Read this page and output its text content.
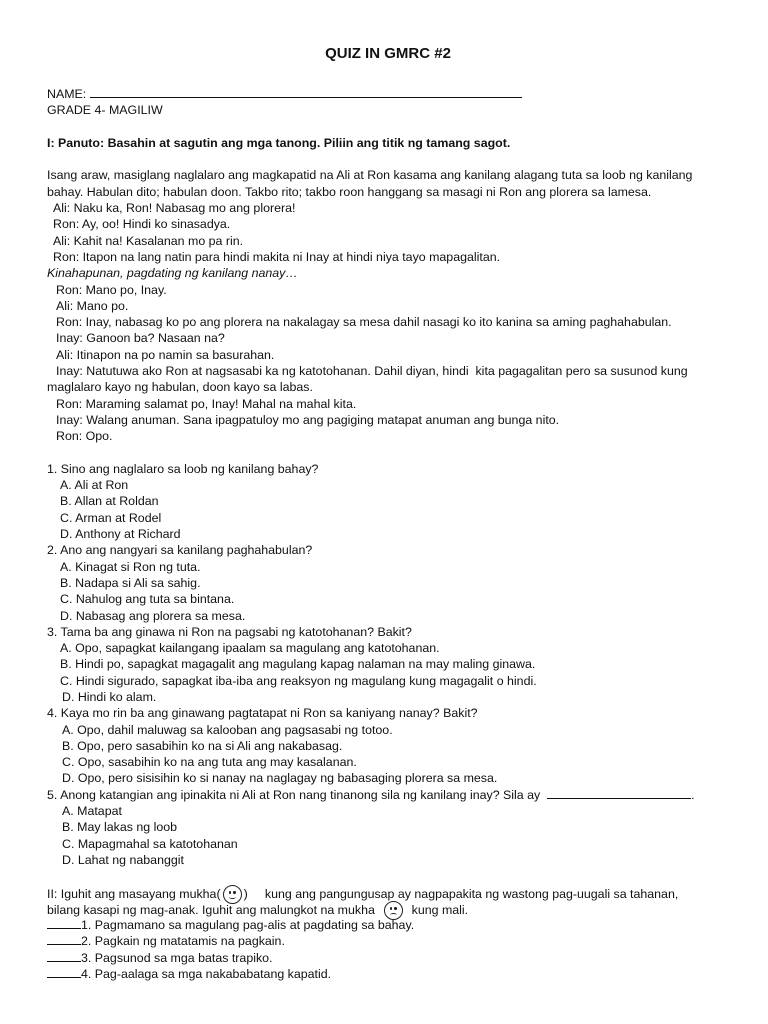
QUIZ IN GMRC #2
NAME:
GRADE 4- MAGILIW
I: Panuto: Basahin at sagutin ang mga tanong. Piliin ang titik ng tamang sagot.
Isang araw, masiglang naglalaro ang magkapatid na Ali at Ron kasama ang kanilang alagang tuta sa loob ng kanilang
bahay. Habulan dito; habulan doon. Takbo rito; takbo roon hanggang sa masagi ni Ron ang plorera sa lamesa.
Ali: Naku ka, Ron! Nabasag mo ang plorera!
Ron: Ay, oo! Hindi ko sinasadya.
Ali: Kahit na! Kasalanan mo pa rin.
Ron: Itapon na lang natin para hindi makita ni Inay at hindi niya tayo mapagalitan.
Kinahapunan, pagdating ng kanilang nanay…
Ron: Mano po, Inay.
Ali: Mano po.
Ron: Inay, nabasag ko po ang plorera na nakalagay sa mesa dahil nasagi ko ito kanina sa aming paghahabulan.
Inay: Ganoon ba? Nasaan na?
Ali: Itinapon na po namin sa basurahan.
Inay: Natutuwa ako Ron at nagsasabi ka ng katotohanan. Dahil diyan, hindi  kita pagagalitan pero sa susunod kung
maglalaro kayo ng habulan, doon kayo sa labas.
Ron: Maraming salamat po, Inay! Mahal na mahal kita.
Inay: Walang anuman. Sana ipagpatuloy mo ang pagiging matapat anuman ang bunga nito.
Ron: Opo.
1. Sino ang naglalaro sa loob ng kanilang bahay?
A. Ali at Ron
B. Allan at Roldan
C. Arman at Rodel
D. Anthony at Richard
2. Ano ang nangyari sa kanilang paghahabulan?
A. Kinagat si Ron ng tuta.
B. Nadapa si Ali sa sahig.
C. Nahulog ang tuta sa bintana.
D. Nabasag ang plorera sa mesa.
3. Tama ba ang ginawa ni Ron na pagsabi ng katotohanan? Bakit?
A. Opo, sapagkat kailangang ipaalam sa magulang ang katotohanan.
B. Hindi po, sapagkat magagalit ang magulang kapag nalaman na may maling ginawa.
C. Hindi sigurado, sapagkat iba-iba ang reaksyon ng magulang kung magagalit o hindi.
D. Hindi ko alam.
4. Kaya mo rin ba ang ginawang pagtatapat ni Ron sa kaniyang nanay? Bakit?
A. Opo, dahil maluwag sa kalooban ang pagsasabi ng totoo.
B. Opo, pero sasabihin ko na si Ali ang nakabasag.
C. Opo, sasabihin ko na ang tuta ang may kasalanan.
D. Opo, pero sisisihin ko si nanay na naglagay ng babasaging plorera sa mesa.
5. Anong katangian ang ipinakita ni Ali at Ron nang tinanong sila ng kanilang inay? Sila ay	.
A. Matapat
B. May lakas ng loob
C. Mapagmahal sa katotohanan
D. Lahat ng nabanggit
II: Iguhit ang masayang mukha( )     kung ang pangungusap ay nagpapakita ng wastong pag-uugali sa tahanan,
bilang kasapi ng mag-anak. Iguhit ang malungkot na mukha	kung mali.
1. Pagmamano sa magulang pag-alis at pagdating sa bahay.
2. Pagkain ng matatamis na pagkain.
3. Pagsunod sa mga batas trapiko.
4. Pag-aalaga sa mga nakababatang kapatid.
